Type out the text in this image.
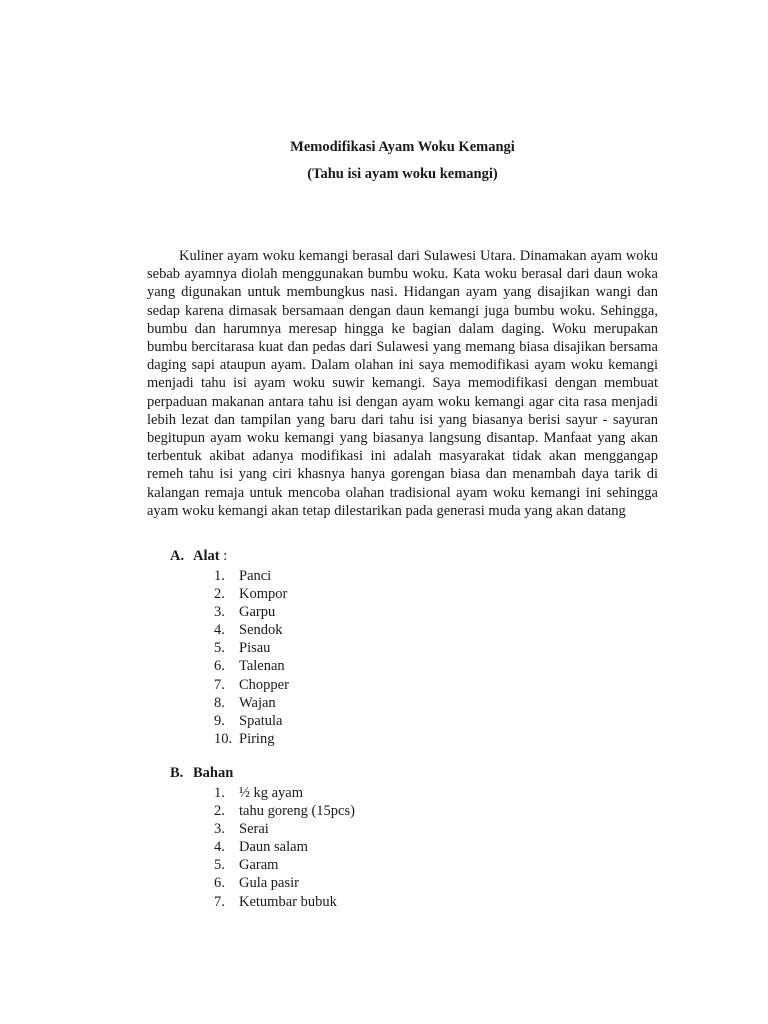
Memodifikasi Ayam Woku Kemangi
(Tahu isi ayam woku kemangi)

Kuliner ayam woku kemangi berasal dari Sulawesi Utara. Dinamakan ayam woku sebab ayamnya diolah menggunakan bumbu woku. Kata woku berasal dari daun woka yang digunakan untuk membungkus nasi. Hidangan ayam yang disajikan wangi dan sedap karena dimasak bersamaan dengan daun kemangi juga bumbu woku. Sehingga, bumbu dan harumnya meresap hingga ke bagian dalam daging. Woku merupakan bumbu bercitarasa kuat dan pedas dari Sulawesi yang memang biasa disajikan bersama daging sapi ataupun ayam. Dalam olahan ini saya memodifikasi ayam woku kemangi menjadi tahu isi ayam woku suwir kemangi. Saya memodifikasi dengan membuat perpaduan makanan antara tahu isi dengan ayam woku kemangi agar cita rasa menjadi lebih lezat dan tampilan yang baru dari tahu isi yang biasanya berisi sayur - sayuran begitupun ayam woku kemangi yang biasanya langsung disantap. Manfaat yang akan terbentuk akibat adanya modifikasi ini adalah masyarakat tidak akan menggangap remeh tahu isi yang ciri khasnya hanya gorengan biasa dan menambah daya tarik di kalangan remaja untuk mencoba olahan tradisional ayam woku kemangi ini sehingga ayam woku kemangi akan tetap dilestarikan pada generasi muda yang akan datang

A. Alat :
1. Panci
2. Kompor
3. Garpu
4. Sendok
5. Pisau
6. Talenan
7. Chopper
8. Wajan
9. Spatula
10. Piring
B. Bahan
1. ½ kg ayam
2. tahu goreng (15pcs)
3. Serai
4. Daun salam
5. Garam
6. Gula pasir
7. Ketumbar bubuk
